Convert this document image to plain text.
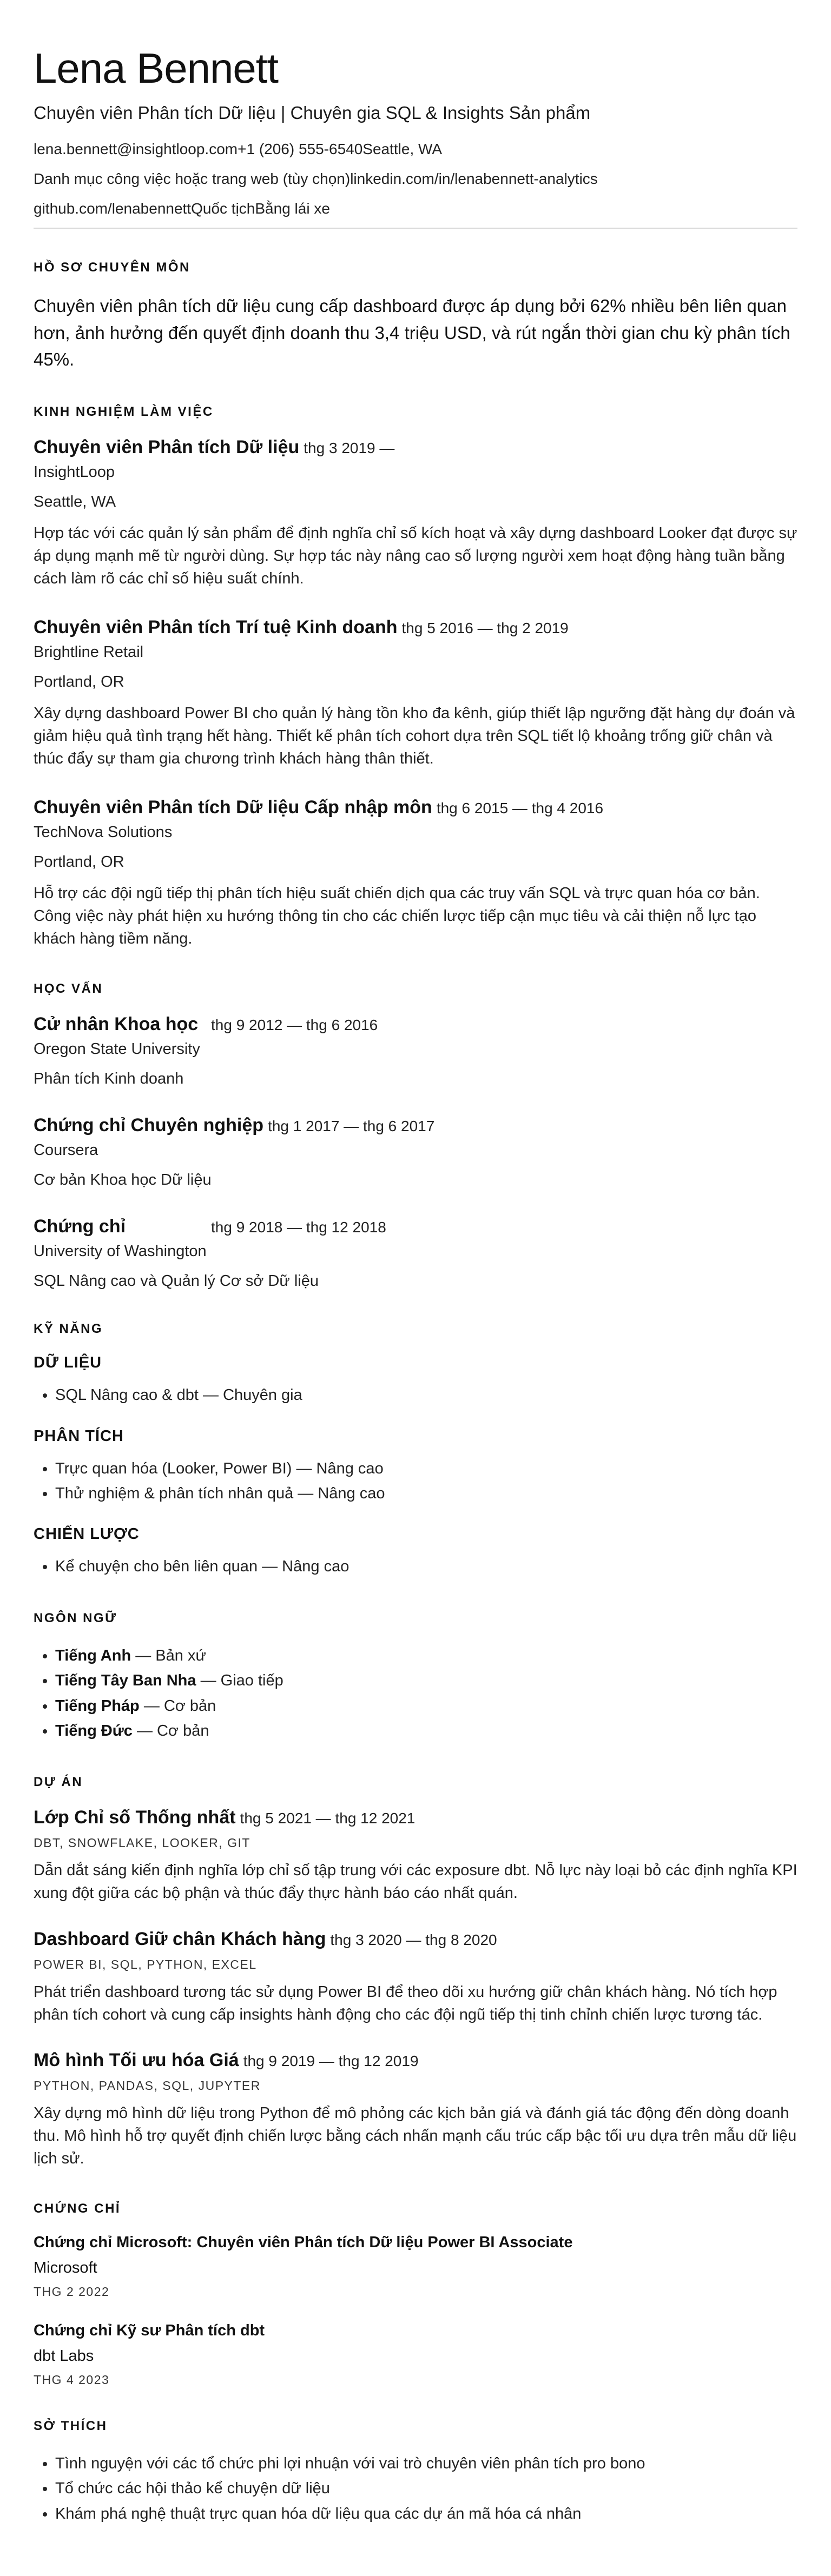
Lena Bennett
Chuyên viên Phân tích Dữ liệu | Chuyên gia SQL & Insights Sản phẩm

lena.bennett@insightloop.com+1 (206) 555-6540Seattle, WA

Danh mục công việc hoặc trang web (tùy chọn)linkedin.com/in/lenabennett-analytics

github.com/lenabennettQuốc tịchBằng lái xe

HỒ SƠ CHUYÊN MÔN

Chuyên viên phân tích dữ liệu cung cấp dashboard được áp dụng bởi 62% nhiều bên liên quan hơn, ảnh hưởng đến quyết định doanh thu 3,4 triệu USD, và rút ngắn thời gian chu kỳ phân tích 45%.

KINH NGHIỆM LÀM VIỆC
Chuyên viên Phân tích Dữ liệu thg 3 2019 —
InsightLoop
Seattle, WA
Hợp tác với các quản lý sản phẩm để định nghĩa chỉ số kích hoạt và xây dựng dashboard Looker đạt được sự áp dụng mạnh mẽ từ người dùng. Sự hợp tác này nâng cao số lượng người xem hoạt động hàng tuần bằng cách làm rõ các chỉ số hiệu suất chính.
Chuyên viên Phân tích Trí tuệ Kinh doanh thg 5 2016 — thg 2 2019
Brightline Retail
Portland, OR
Xây dựng dashboard Power BI cho quản lý hàng tồn kho đa kênh, giúp thiết lập ngưỡng đặt hàng dự đoán và giảm hiệu quả tình trạng hết hàng. Thiết kế phân tích cohort dựa trên SQL tiết lộ khoảng trống giữ chân và thúc đẩy sự tham gia chương trình khách hàng thân thiết.
Chuyên viên Phân tích Dữ liệu Cấp nhập môn thg 6 2015 — thg 4 2016
TechNova Solutions
Portland, OR
Hỗ trợ các đội ngũ tiếp thị phân tích hiệu suất chiến dịch qua các truy vấn SQL và trực quan hóa cơ bản. Công việc này phát hiện xu hướng thông tin cho các chiến lược tiếp cận mục tiêu và cải thiện nỗ lực tạo khách hàng tiềm năng.
HỌC VẤN
Cử nhân Khoa học thg 9 2012 — thg 6 2016
Oregon State University
Phân tích Kinh doanh
Chứng chỉ Chuyên nghiệp thg 1 2017 — thg 6 2017
Coursera
Cơ bản Khoa học Dữ liệu
Chứng chỉ	thg 9 2018 — thg 12 2018
University of Washington
SQL Nâng cao và Quản lý Cơ sở Dữ liệu
KỸ NĂNG
DỮ LIỆU
• SQL Nâng cao & dbt — Chuyên gia
PHÂN TÍCH
• Trực quan hóa (Looker, Power BI) — Nâng cao
• Thử nghiệm & phân tích nhân quả — Nâng cao
CHIẾN LƯỢC
• Kể chuyện cho bên liên quan — Nâng cao
NGÔN NGỮ
• Tiếng Anh — Bản xứ
• Tiếng Tây Ban Nha — Giao tiếp
• Tiếng Pháp — Cơ bản
• Tiếng Đức — Cơ bản
DỰ ÁN
Lớp Chỉ số Thống nhất thg 5 2021 — thg 12 2021
DBT, SNOWFLAKE, LOOKER, GIT
Dẫn dắt sáng kiến định nghĩa lớp chỉ số tập trung với các exposure dbt. Nỗ lực này loại bỏ các định nghĩa KPI xung đột giữa các bộ phận và thúc đẩy thực hành báo cáo nhất quán.
Dashboard Giữ chân Khách hàng thg 3 2020 — thg 8 2020
POWER BI, SQL, PYTHON, EXCEL
Phát triển dashboard tương tác sử dụng Power BI để theo dõi xu hướng giữ chân khách hàng. Nó tích hợp phân tích cohort và cung cấp insights hành động cho các đội ngũ tiếp thị tinh chỉnh chiến lược tương tác.
Mô hình Tối ưu hóa Giá thg 9 2019 — thg 12 2019
PYTHON, PANDAS, SQL, JUPYTER
Xây dựng mô hình dữ liệu trong Python để mô phỏng các kịch bản giá và đánh giá tác động đến dòng doanh thu. Mô hình hỗ trợ quyết định chiến lược bằng cách nhấn mạnh cấu trúc cấp bậc tối ưu dựa trên mẫu dữ liệu lịch sử.
CHỨNG CHỈ
Chứng chỉ Microsoft: Chuyên viên Phân tích Dữ liệu Power BI Associate
Microsoft
THG 2 2022
Chứng chỉ Kỹ sư Phân tích dbt
dbt Labs
THG 4 2023
SỞ THÍCH
• Tình nguyện với các tổ chức phi lợi nhuận với vai trò chuyên viên phân tích pro bono
• Tổ chức các hội thảo kể chuyện dữ liệu
• Khám phá nghệ thuật trực quan hóa dữ liệu qua các dự án mã hóa cá nhân
